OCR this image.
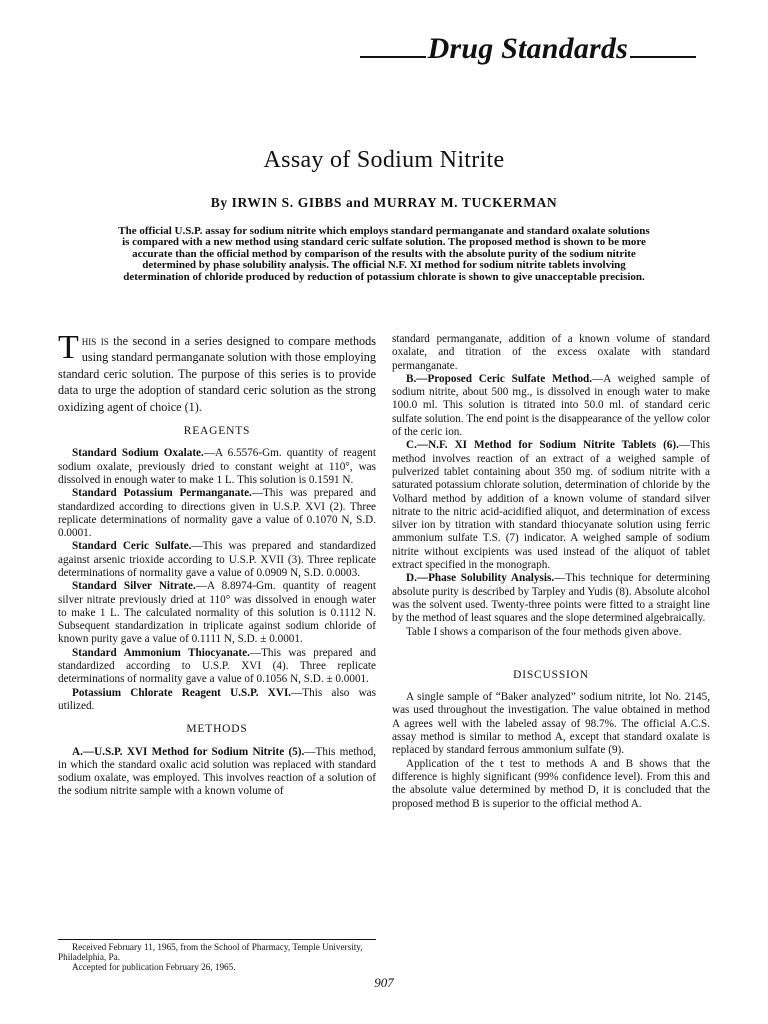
Drug Standards
Assay of Sodium Nitrite
By IRWIN S. GIBBS and MURRAY M. TUCKERMAN

The official U.S.P. assay for sodium nitrite which employs standard permanganate and standard oxalate solutions is compared with a new method using standard ceric sulfate solution. The proposed method is shown to be more accurate than the official method by comparison of the results with the absolute purity of the sodium nitrite determined by phase solubility analysis. The official N.F. XI method for sodium nitrite tablets involving determination of chloride produced by reduction of potassium chlorate is shown to give unacceptable precision.

This is the second in a series designed to compare methods using standard permanganate solution with those employing standard ceric solution. The purpose of this series is to provide data to urge the adoption of standard ceric solution as the strong oxidizing agent of choice (1).

REAGENTS

Standard Sodium Oxalate.—A 6.5576-Gm. quantity of reagent sodium oxalate, previously dried to constant weight at 110°, was dissolved in enough water to make 1 L. This solution is 0.1591 N.

Standard Potassium Permanganate.—This was prepared and standardized according to directions given in U.S.P. XVI (2). Three replicate determinations of normality gave a value of 0.1070 N, S.D. 0.0001.

Standard Ceric Sulfate.—This was prepared and standardized against arsenic trioxide according to U.S.P. XVII (3). Three replicate determinations of normality gave a value of 0.0909 N, S.D. 0.0003.

Standard Silver Nitrate.—A 8.8974-Gm. quantity of reagent silver nitrate previously dried at 110° was dissolved in enough water to make 1 L. The calculated normality of this solution is 0.1112 N. Subsequent standardization in triplicate against sodium chloride of known purity gave a value of 0.1111 N, S.D. ± 0.0001.

Standard Ammonium Thiocyanate.—This was prepared and standardized according to U.S.P. XVI (4). Three replicate determinations of normality gave a value of 0.1056 N, S.D. ± 0.0001.

Potassium Chlorate Reagent U.S.P. XVI.—This also was utilized.

METHODS

A.—U.S.P. XVI Method for Sodium Nitrite (5).—This method, in which the standard oxalic acid solution was replaced with standard sodium oxalate, was employed. This involves reaction of a solution of the sodium nitrite sample with a known volume of

Received February 11, 1965, from the School of Pharmacy, Temple University, Philadelphia, Pa.

Accepted for publication February 26, 1965.

standard permanganate, addition of a known volume of standard oxalate, and titration of the excess oxalate with standard permanganate.

B.—Proposed Ceric Sulfate Method.—A weighed sample of sodium nitrite, about 500 mg., is dissolved in enough water to make 100.0 ml. This solution is titrated into 50.0 ml. of standard ceric sulfate solution. The end point is the disappearance of the yellow color of the ceric ion.

C.—N.F. XI Method for Sodium Nitrite Tablets (6).—This method involves reaction of an extract of a weighed sample of pulverized tablet containing about 350 mg. of sodium nitrite with a saturated potassium chlorate solution, determination of chloride by the Volhard method by addition of a known volume of standard silver nitrate to the nitric acid-acidified aliquot, and determination of excess silver ion by titration with standard thiocyanate solution using ferric ammonium sulfate T.S. (7) indicator. A weighed sample of sodium nitrite without excipients was used instead of the aliquot of tablet extract specified in the monograph.

D.—Phase Solubility Analysis.—This technique for determining absolute purity is described by Tarpley and Yudis (8). Absolute alcohol was the solvent used. Twenty-three points were fitted to a straight line by the method of least squares and the slope determined algebraically.

Table I shows a comparison of the four methods given above.

DISCUSSION

A single sample of “Baker analyzed” sodium nitrite, lot No. 2145, was used throughout the investigation. The value obtained in method A agrees well with the labeled assay of 98.7%. The official A.C.S. assay method is similar to method A, except that standard oxalate is replaced by standard ferrous ammonium sulfate (9).

Application of the t test to methods A and B shows that the difference is highly significant (99% confidence level). From this and the absolute value determined by method D, it is concluded that the proposed method B is superior to the official method A.

907
